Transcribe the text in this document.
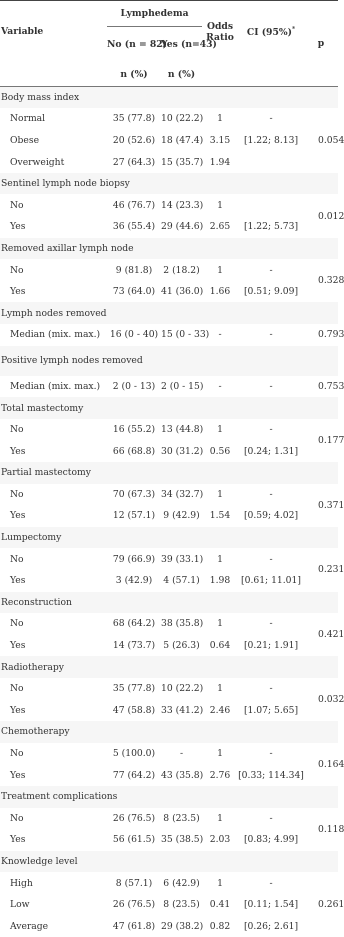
Variable	Lymphedema		Odds Ratio	CI (95%)*	p
	No (n = 82)	Yes (n=43)			
	n (%)	n (%)			
Body mass index					
Normal	35 (77.8)	10 (22.2)	1	-	0.054
Obese	20 (52.6)	18 (47.4)	3.15	[1.22; 8.13]	
Overweight	27 (64.3)	15 (35.7)	1.94		
Sentinel lymph node biopsy					
No	46 (76.7)	14 (23.3)	1		0.012
Yes	36 (55.4)	29 (44.6)	2.65	[1.22; 5.73]	
Removed axillar lymph node					
No	9 (81.8)	2 (18.2)	1	-	0.328
Yes	73 (64.0)	41 (36.0)	1.66	[0.51; 9.09]	
Lymph nodes removed					
Median (mix. max.)	16 (0 - 40)	15 (0 - 33)	-	-	0.793
Positive lymph nodes removed					
Median (mix. max.)	2 (0 - 13)	2 (0 - 15)	-	-	0.753
Total mastectomy					
No	16 (55.2)	13 (44.8)	1	-	0.177
Yes	66 (68.8)	30 (31.2)	0.56	[0.24; 1.31]	
Partial mastectomy					
No	70 (67.3)	34 (32.7)	1	-	0.371
Yes	12 (57.1)	9 (42.9)	1.54	[0.59; 4.02]	
Lumpectomy					
No	79 (66.9)	39 (33.1)	1	-	0.231
Yes	3 (42.9)	4 (57.1)	1.98	[0.61; 11.01]	
Reconstruction					
No	68 (64.2)	38 (35.8)	1	-	0.421
Yes	14 (73.7)	5 (26.3)	0.64	[0.21; 1.91]	
Radiotherapy					
No	35 (77.8)	10 (22.2)	1	-	0.032
Yes	47 (58.8)	33 (41.2)	2.46	[1.07; 5.65]	
Chemotherapy					
No	5 (100.0)	-	1	-	0.164
Yes	77 (64.2)	43 (35.8)	2.76	[0.33; 114.34]	
Treatment complications					
No	26 (76.5)	8 (23.5)	1	-	0.118
Yes	56 (61.5)	35 (38.5)	2.03	[0.83; 4.99]	
Knowledge level					
High	8 (57.1)	6 (42.9)	1	-	0.261
Low	26 (76.5)	8 (23.5)	0.41	[0.11; 1.54]	
Average	47 (61.8)	29 (38.2)	0.82	[0.26; 2.61]	
